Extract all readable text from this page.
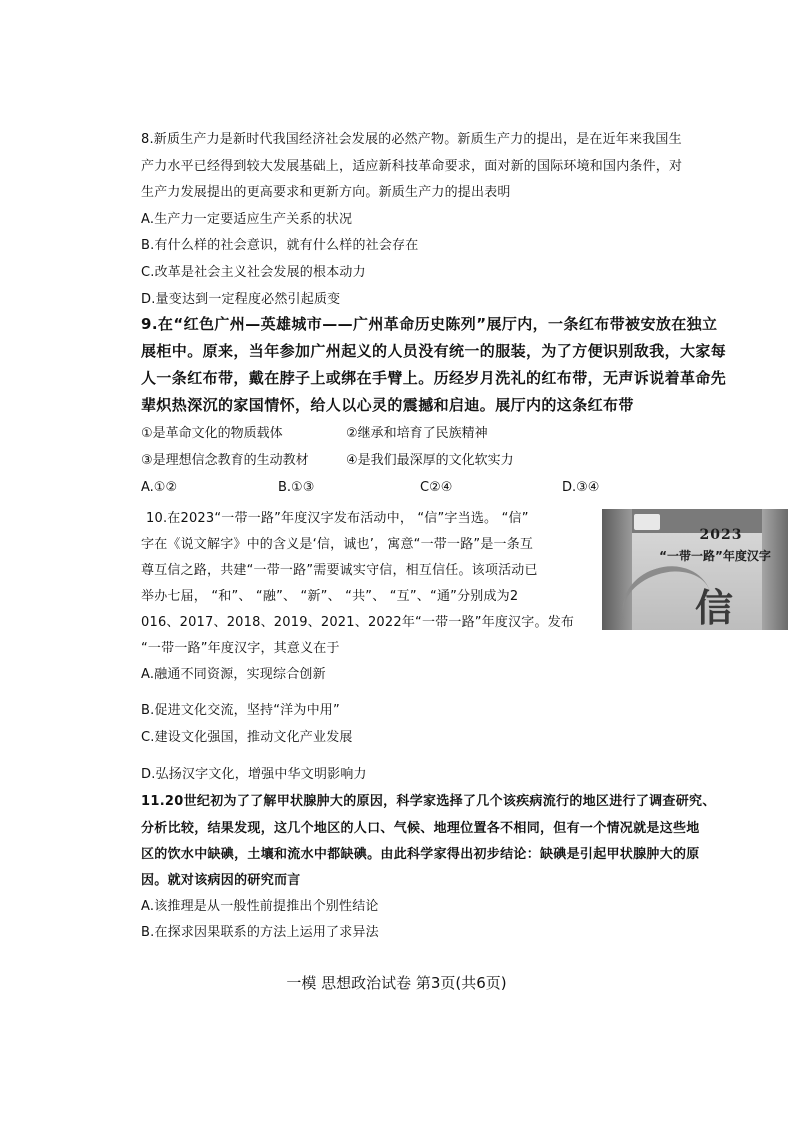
8.新质生产力是新时代我国经济社会发展的必然产物。新质生产力的提出，是在近年来我国生
产力水平已经得到较大发展基础上，适应新科技革命要求，面对新的国际环境和国内条件，对
生产力发展提出的更高要求和更新方向。新质生产力的提出表明
A.生产力一定要适应生产关系的状况
B.有什么样的社会意识，就有什么样的社会存在
C.改革是社会主义社会发展的根本动力
D.量变达到一定程度必然引起质变
9.在“红色广州—英雄城市——广州革命历史陈列”展厅内，一条红布带被安放在独立
展柜中。原来，当年参加广州起义的人员没有统一的服装，为了方便识别敌我，大家每
人一条红布带，戴在脖子上或绑在手臂上。历经岁月洗礼的红布带，无声诉说着革命先
辈炽热深沉的家国情怀，给人以心灵的震撼和启迪。展厅内的这条红布带
①是革命文化的物质载体	②继承和培育了民族精神
③是理想信念教育的生动教材	④是我们最深厚的文化软实力
A.①②	B.①③	C②④	D.③④
10.在2023“一带一路”年度汉字发布活动中， “信”字当选。 “信”
字在《说文解字》中的含义是‘信，诚也’，寓意“一带一路”是一条互
尊互信之路，共建“一带一路”需要诚实守信，相互信任。该项活动已
举办七届， “和”、 “融”、 “新”、 “共”、 “互”、“通”分别成为2
016、2017、2018、2019、2021、2022年“一带一路”年度汉字。发布
“一带一路”年度汉字，其意义在于
2023
“一带一路”年度汉字
信
A.融通不同资源，实现综合创新
B.促进文化交流，坚持“洋为中用”
C.建设文化强国，推动文化产业发展
D.弘扬汉字文化，增强中华文明影响力
11.20世纪初为了了解甲状腺肿大的原因，科学家选择了几个该疾病流行的地区进行了调查研究、
分析比较，结果发现，这几个地区的人口、气候、地理位置各不相同，但有一个情况就是这些地
区的饮水中缺碘，土壤和流水中都缺碘。由此科学家得出初步结论：缺碘是引起甲状腺肿大的原
因。就对该病因的研究而言
A.该推理是从一般性前提推出个别性结论
B.在探求因果联系的方法上运用了求异法
一模 思想政治试卷 第3页(共6页)
